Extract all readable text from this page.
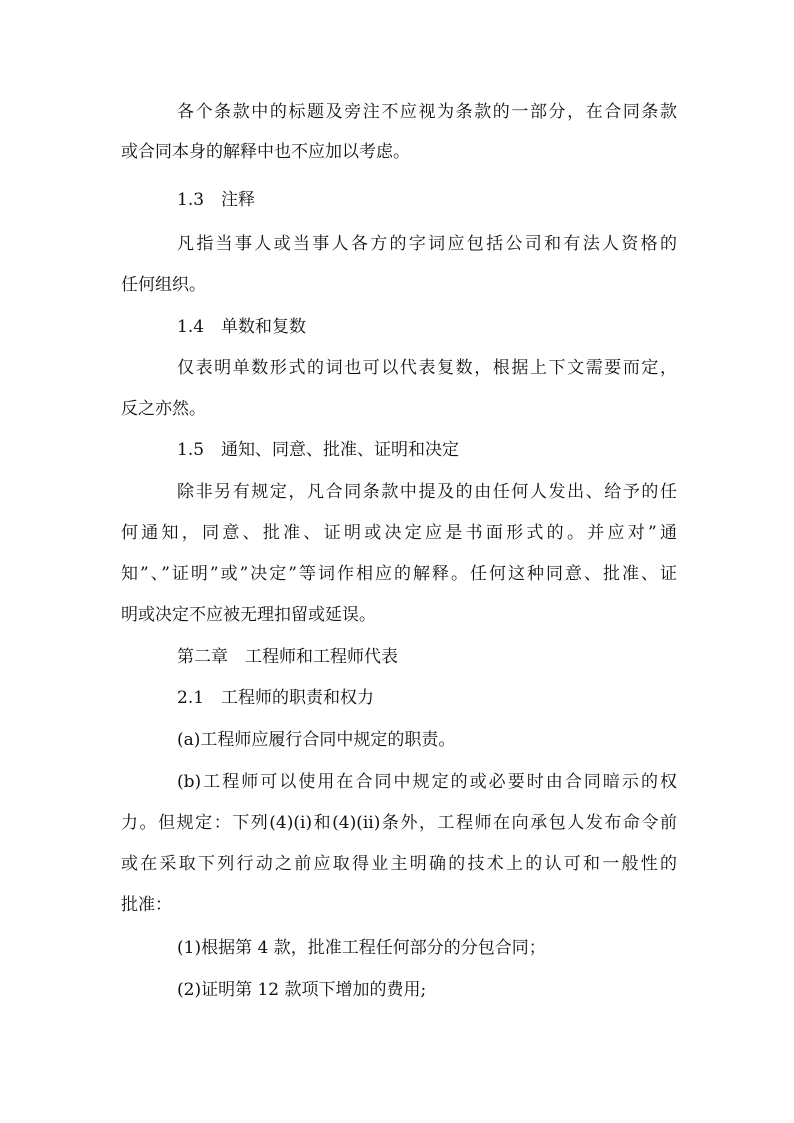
各个条款中的标题及旁注不应视为条款的一部分，在合同条款
或合同本身的解释中也不应加以考虑。
1.3　注释
凡指当事人或当事人各方的字词应包括公司和有法人资格的
任何组织。
1.4　单数和复数
仅表明单数形式的词也可以代表复数，根据上下文需要而定，
反之亦然。
1.5　通知、同意、批准、证明和决定
除非另有规定，凡合同条款中提及的由任何人发出、给予的任
何通知，同意、批准、证明或决定应是书面形式的。并应对”通
知”、”证明”或”决定”等词作相应的解释。任何这种同意、批准、证
明或决定不应被无理扣留或延误。
第二章　工程师和工程师代表
2.1　工程师的职责和权力
(a)工程师应履行合同中规定的职责。
(b)工程师可以使用在合同中规定的或必要时由合同暗示的权
力。但规定：下列(4)(i)和(4)(ii)条外，工程师在向承包人发布命令前
或在采取下列行动之前应取得业主明确的技术上的认可和一般性的
批准：
(1)根据第 4 款，批准工程任何部分的分包合同；
(2)证明第 12 款项下增加的费用;
